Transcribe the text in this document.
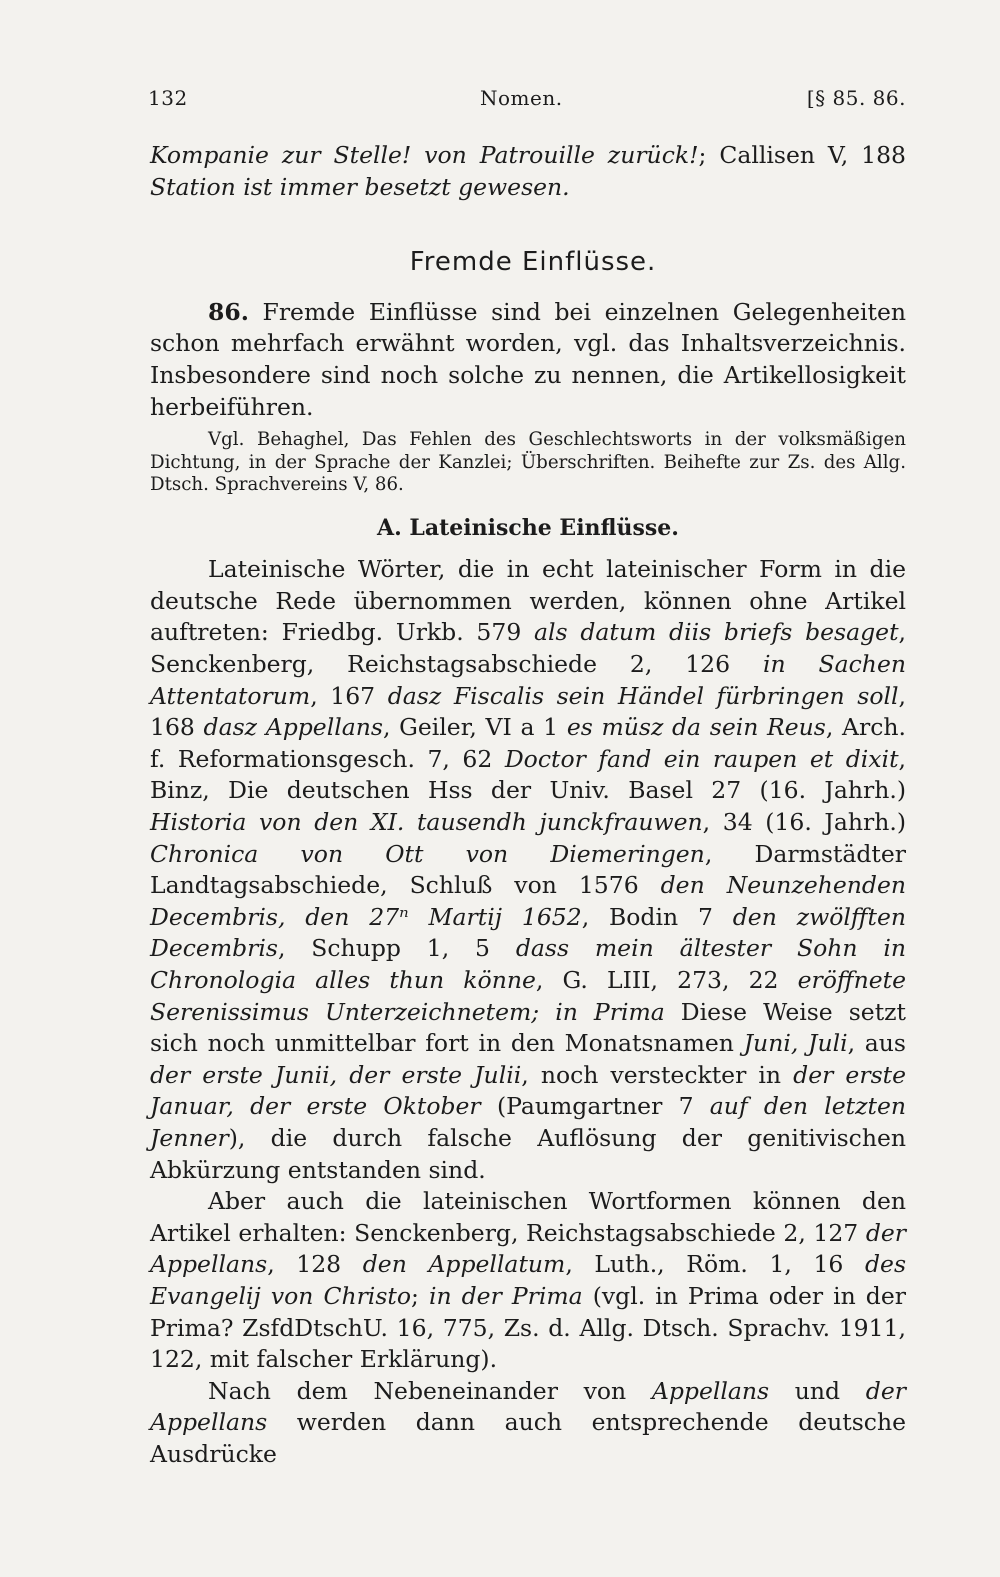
132	Nomen.	[§ 85. 86.

Kompanie zur Stelle! von Patrouille zurück!; Callisen V, 188 Station ist immer besetzt gewesen.

Fremde Einflüsse.

86. Fremde Einflüsse sind bei einzelnen Gelegenheiten schon mehrfach erwähnt worden, vgl. das Inhaltsverzeichnis. Insbesondere sind noch solche zu nennen, die Artikellosigkeit herbeiführen.

Vgl. Behaghel, Das Fehlen des Geschlechtsworts in der volksmäßigen Dichtung, in der Sprache der Kanzlei; Überschriften. Beihefte zur Zs. des Allg. Dtsch. Sprachvereins V, 86.

A. Lateinische Einflüsse.

Lateinische Wörter, die in echt lateinischer Form in die deutsche Rede übernommen werden, können ohne Artikel auftreten: Friedbg. Urkb. 579 als datum diis briefs besaget, Senckenberg, Reichstagsabschiede 2, 126 in Sachen Attentatorum, 167 dasz Fiscalis sein Händel fürbringen soll, 168 dasz Appellans, Geiler, VI a 1 es müsz da sein Reus, Arch. f. Reformationsgesch. 7, 62 Doctor fand ein raupen et dixit, Binz, Die deutschen Hss der Univ. Basel 27 (16. Jahrh.) Historia von den XI. tausendh junckfrauwen, 34 (16. Jahrh.) Chronica von Ott von Diemeringen, Darmstädter Landtagsabschiede, Schluß von 1576 den Neunzehenden Decembris, den 27ⁿ Martij 1652, Bodin 7 den zwölfften Decembris, Schupp 1, 5 dass mein ältester Sohn in Chronologia alles thun könne, G. LIII, 273, 22 eröffnete Serenissimus Unterzeichnetem; in Prima Diese Weise setzt sich noch unmittelbar fort in den Monatsnamen Juni, Juli, aus der erste Junii, der erste Julii, noch versteckter in der erste Januar, der erste Oktober (Paumgartner 7 auf den letzten Jenner), die durch falsche Auflösung der genitivischen Abkürzung entstanden sind.

Aber auch die lateinischen Wortformen können den Artikel erhalten: Senckenberg, Reichstagsabschiede 2, 127 der Appellans, 128 den Appellatum, Luth., Röm. 1, 16 des Evangelij von Christo; in der Prima (vgl. in Prima oder in der Prima? ZsfdDtschU. 16, 775, Zs. d. Allg. Dtsch. Sprachv. 1911, 122, mit falscher Erklärung).

Nach dem Nebeneinander von Appellans und der Appellans werden dann auch entsprechende deutsche Ausdrücke
